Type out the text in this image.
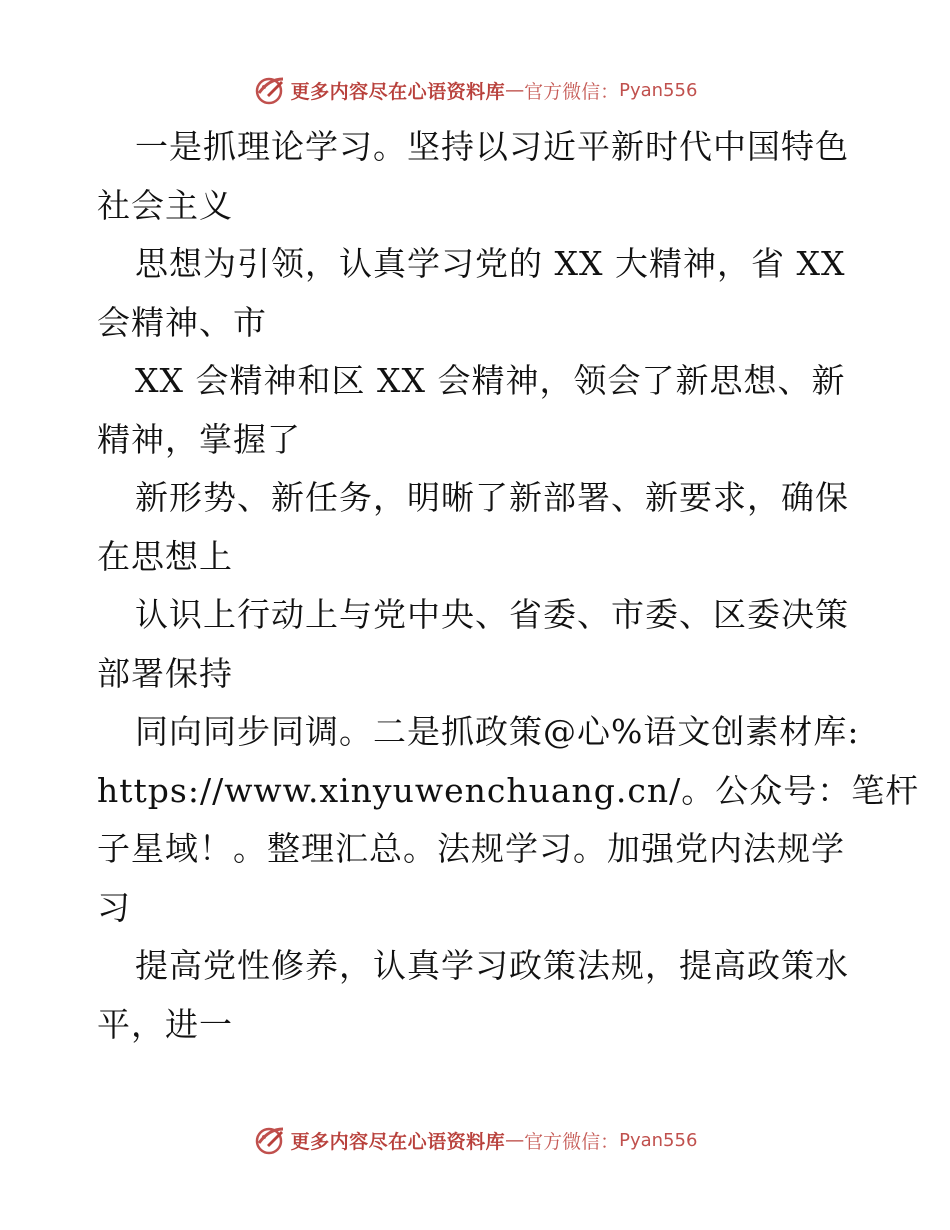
更多内容尽在心语资料库 — 官方微信： Pyan556
一是抓理论学习。坚持以习近平新时代中国特色
社会主义
思想为引领，认真学习党的 XX 大精神，省 XX
会精神、市
XX 会精神和区 XX 会精神，领会了新思想、新
精神，掌握了
新形势、新任务，明晰了新部署、新要求，确保
在思想上
认识上行动上与党中央、省委、市委、区委决策
部署保持
同向同步同调。二是抓政策@心%语文创素材库:
https://www.xinyuwenchuang.cn/。公众号：笔杆
子星域！。整理汇总。法规学习。加强党内法规学
习
提高党性修养，认真学习政策法规，提高政策水
平，进一
更多内容尽在心语资料库 — 官方微信： Pyan556
